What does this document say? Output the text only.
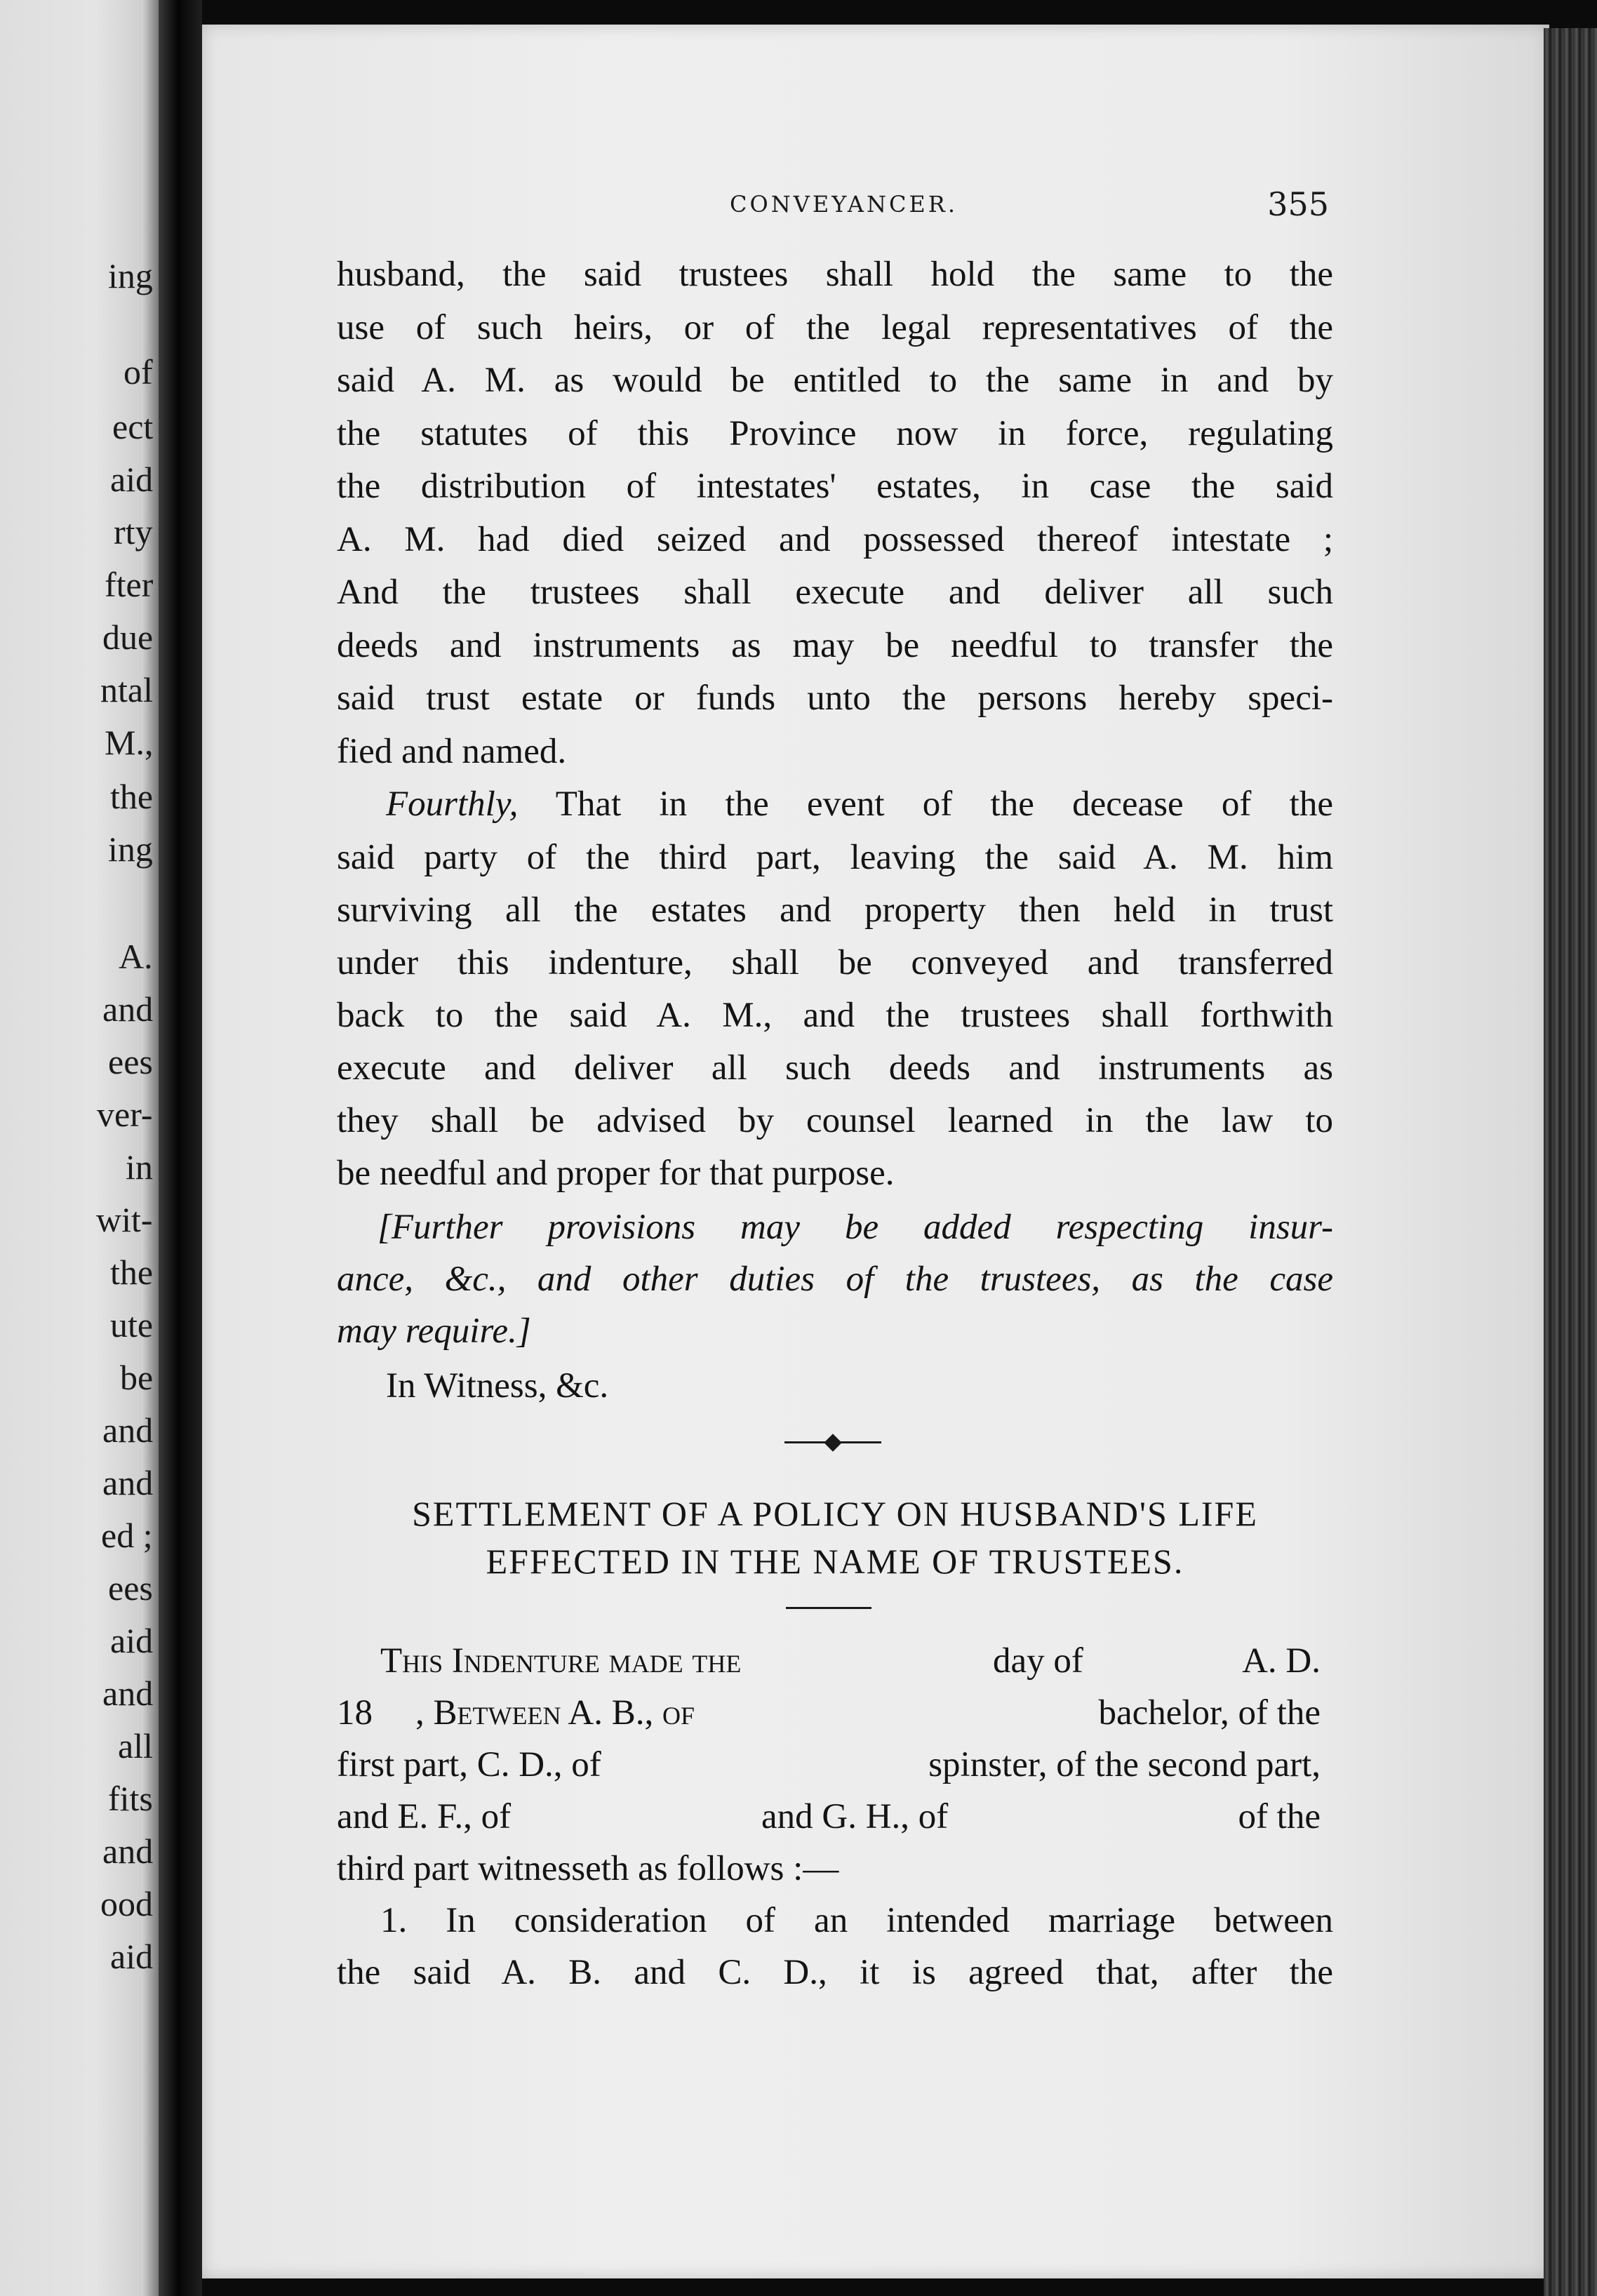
ing
of
ect
aid
rty
fter
due
ntal
M.,
the
ing
A.
and
ees
ver-
in
wit-
the
ute
be
and
and
ed ;
ees
aid
and
all
fits
and
ood
aid
CONVEYANCER.	355
husband, the said trustees shall hold the same to the
use of such heirs, or of the legal representatives of the
said A. M. as would be entitled to the same in and by
the statutes of this Province now in force, regulating
the distribution of intestates' estates, in case the said
A. M. had died seized and possessed thereof intestate ;
And the trustees shall execute and deliver all such
deeds and instruments as may be needful to transfer the
said trust estate or funds unto the persons hereby speci-
fied and named.
Fourthly, That in the event of the decease of the
said party of the third part, leaving the said A. M. him
surviving all the estates and property then held in trust
under this indenture, shall be conveyed and transferred
back to the said A. M., and the trustees shall forthwith
execute and deliver all such deeds and instruments as
they shall be advised by counsel learned in the law to
be needful and proper for that purpose.
[Further provisions may be added respecting insur-
ance, &c., and other duties of the trustees, as the case
may require.]
In Witness, &c.
SETTLEMENT OF A POLICY ON HUSBAND'S LIFE
EFFECTED IN THE NAME OF TRUSTEES.
This Indenture made the	day of	A. D.
18 , Between A. B., of	bachelor, of the
first part, C. D., of	spinster, of the second part,
and E. F., of	and G. H., of	of the
third part witnesseth as follows :—
1. In consideration of an intended marriage between
the said A. B. and C. D., it is agreed that, after the
